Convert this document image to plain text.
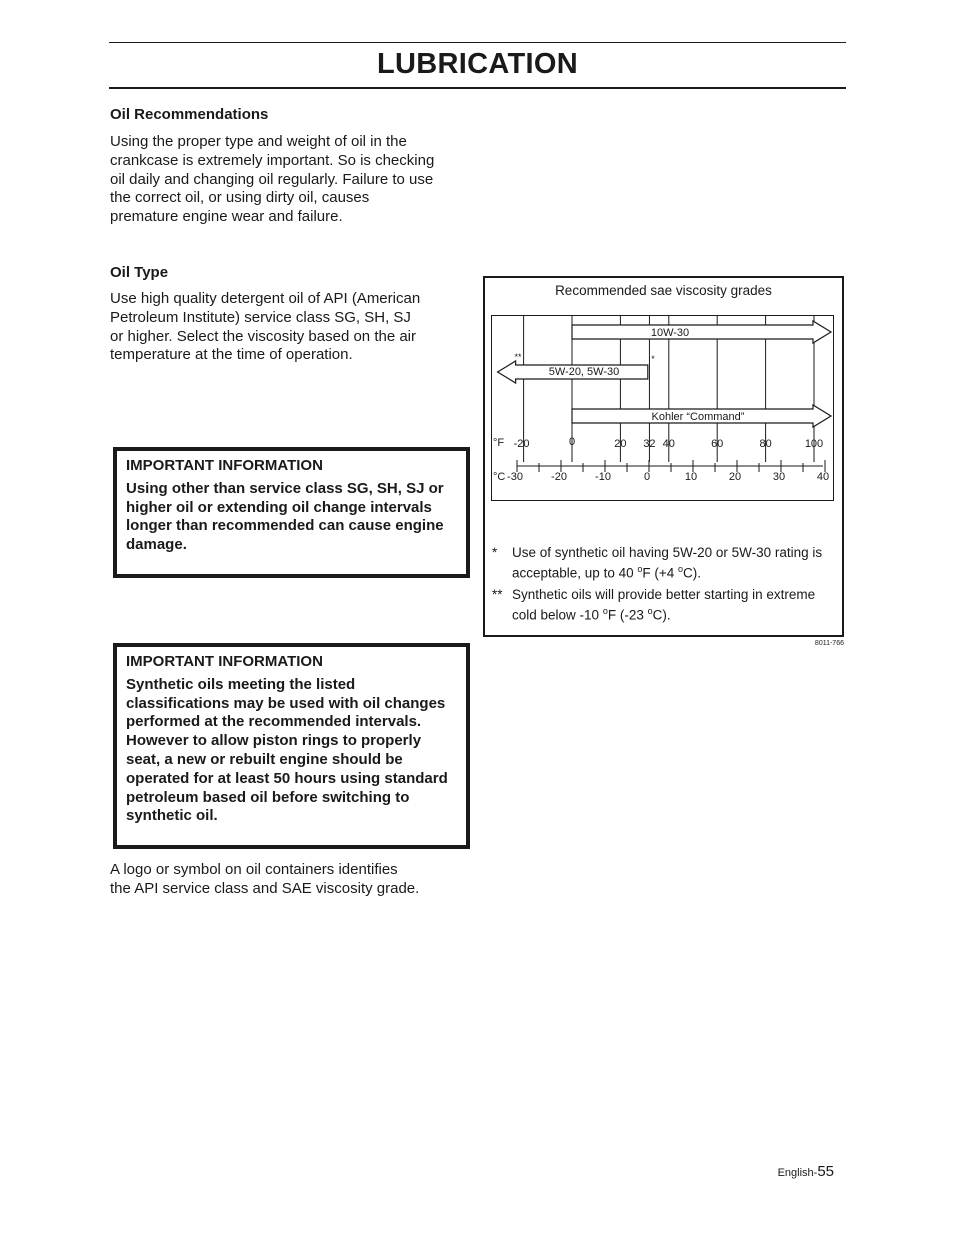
LUBRICATION
Oil Recommendations
Using the proper type and weight of oil in the crankcase is extremely important. So is checking oil daily and changing oil regularly. Failure to use the correct oil, or using dirty oil, causes premature engine wear and failure.
Oil Type
Use high quality detergent oil of API (American Petroleum Institute) service class SG, SH, SJ or higher. Select the viscosity based on the air temperature at the time of operation.
IMPORTANT INFORMATION
Using other than service class SG, SH, SJ or higher oil or extending oil change intervals longer than recommended can cause engine damage.
IMPORTANT INFORMATION
Synthetic oils meeting the listed classifications may be used with oil changes performed at the recommended intervals. However to allow piston rings to properly seat, a new or rebuilt engine should be operated for at least 50 hours using standard petroleum based oil before switching to synthetic oil.
A logo or symbol on oil containers identifies the API service class and SAE viscosity grade.
Recommended sae viscosity grades
10W-30
5W-20, 5W-30
Kohler “Command”
**	*
°F -20	0	20 32 40	60	80	100
°C -30	-20	-10	0	10	20	30	40
* Use of synthetic oil having 5W-20 or 5W-30 rating is acceptable, up to 40 $^o$F (+4 $^o$C).
** Synthetic oils will provide better starting in extreme cold below -10 $^o$F (-23 $^o$C).
8011-766
English-55
